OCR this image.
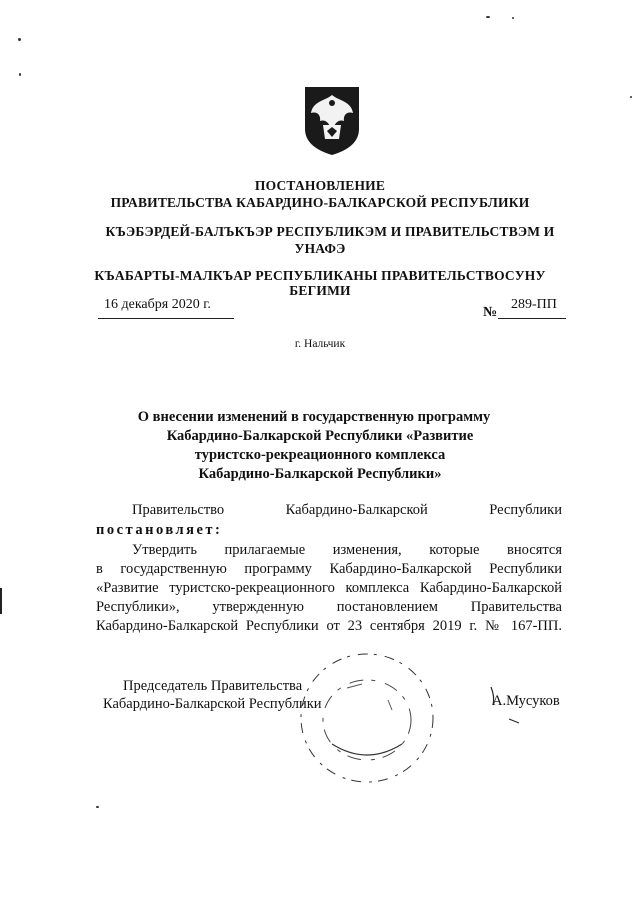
ПОСТАНОВЛЕНИЕ
ПРАВИТЕЛЬСТВА КАБАРДИНО-БАЛКАРСКОЙ РЕСПУБЛИКИ
КЪЭБЭРДЕЙ-БАЛЪКЪЭР РЕСПУБЛИКЭМ И ПРАВИТЕЛЬСТВЭМ И
УНАФЭ
КЪАБАРТЫ-МАЛКЪАР РЕСПУБЛИКАНЫ ПРАВИТЕЛЬСТВОСУНУ
БЕГИМИ
16 декабря 2020 г.
№
289-ПП
г. Нальчик
О внесении изменений в государственную программу
Кабардино-Балкарской Республики «Развитие
туристско-рекреационного комплекса
Кабардино-Балкарской Республики»
Правительство Кабардино-Балкарской Республики
постановляет:
Утвердить прилагаемые изменения, которые вносятся
в государственную программу Кабардино-Балкарской Республики
«Развитие туристско-рекреационного комплекса Кабардино-Балкарской
Республики», утвержденную постановлением Правительства
Кабардино-Балкарской Республики от 23 сентября 2019 г. № 167-ПП.
Председатель Правительства
Кабардино-Балкарской Республики	А.Мусуков
